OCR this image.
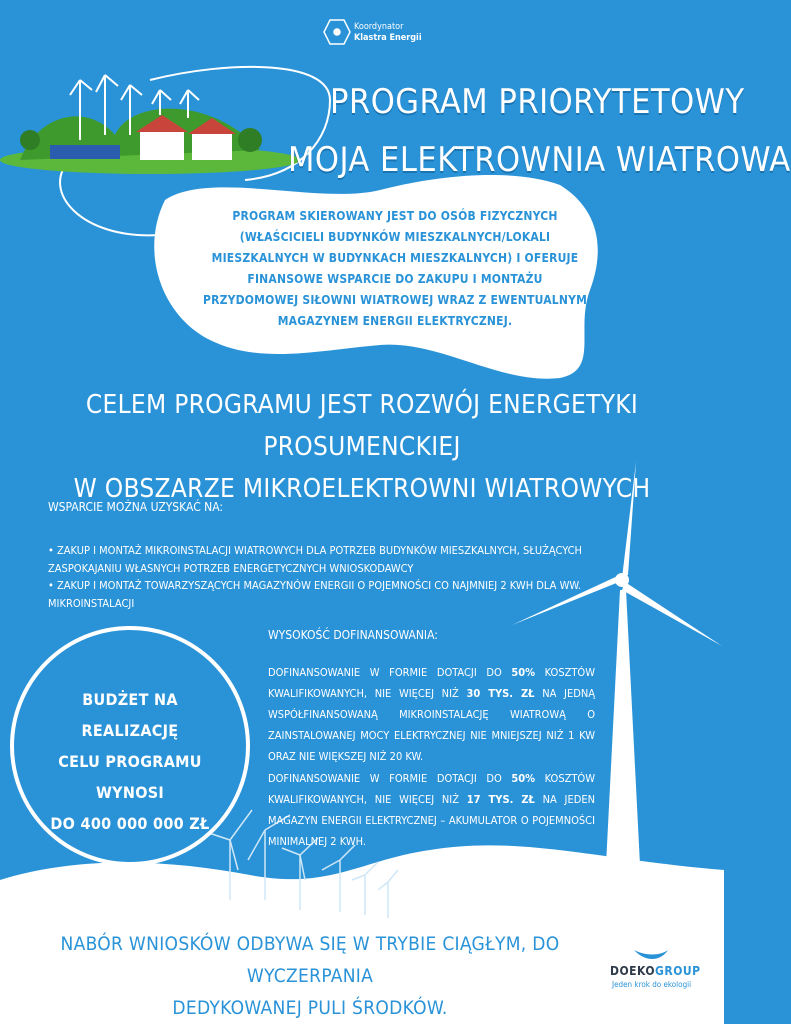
Koordynator
Klastra Energii
PROGRAM PRIORYTETOWY
MOJA ELEKTROWNIA WIATROWA
PROGRAM SKIEROWANY JEST DO OSÓB FIZYCZNYCH (WŁAŚCICIELI BUDYNKÓW MIESZKALNYCH/LOKALI MIESZKALNYCH W BUDYNKACH MIESZKALNYCH) I OFERUJE FINANSOWE WSPARCIE DO ZAKUPU I MONTAŻU PRZYDOMOWEJ SIŁOWNI WIATROWEJ WRAZ Z EWENTUALNYM MAGAZYNEM ENERGII ELEKTRYCZNEJ.
CELEM PROGRAMU JEST ROZWÓJ ENERGETYKI PROSUMENCKIEJ
W OBSZARZE MIKROELEKTROWNI WIATROWYCH
WSPARCIE MOŻNA UZYSKAĆ NA:
• ZAKUP I MONTAŻ MIKROINSTALACJI WIATROWYCH DLA POTRZEB BUDYNKÓW MIESZKALNYCH, SŁUŻĄCYCH ZASPOKAJANIU WŁASNYCH POTRZEB ENERGETYCZNYCH WNIOSKODAWCY
• ZAKUP I MONTAŻ TOWARZYSZĄCYCH MAGAZYNÓW ENERGII O POJEMNOŚCI CO NAJMNIEJ 2 KWH DLA WW. MIKROINSTALACJI
WYSOKOŚĆ DOFINANSOWANIA:
DOFINANSOWANIE W FORMIE DOTACJI DO 50% KOSZTÓW KWALIFIKOWANYCH, NIE WIĘCEJ NIŻ 30 TYS. ZŁ NA JEDNĄ WSPÓŁFINANSOWANĄ MIKROINSTALACJĘ WIATROWĄ O ZAINSTALOWANEJ MOCY ELEKTRYCZNEJ NIE MNIEJSZEJ NIŻ 1 KW ORAZ NIE WIĘKSZEJ NIŻ 20 KW.
DOFINANSOWANIE W FORMIE DOTACJI DO 50% KOSZTÓW KWALIFIKOWANYCH, NIE WIĘCEJ NIŻ 17 TYS. ZŁ NA JEDEN MAGAZYN ENERGII ELEKTRYCZNEJ – AKUMULATOR O POJEMNOŚCI MINIMALNEJ 2 KWH.
BUDŻET NA REALIZACJĘ
CELU PROGRAMU WYNOSI
DO 400 000 000 ZŁ
NABÓR WNIOSKÓW ODBYWA SIĘ W TRYBIE CIĄGŁYM, DO WYCZERPANIA
DEDYKOWANEJ PULI ŚRODKÓW.
DOEKOGROUP
Jeden krok do ekologii
